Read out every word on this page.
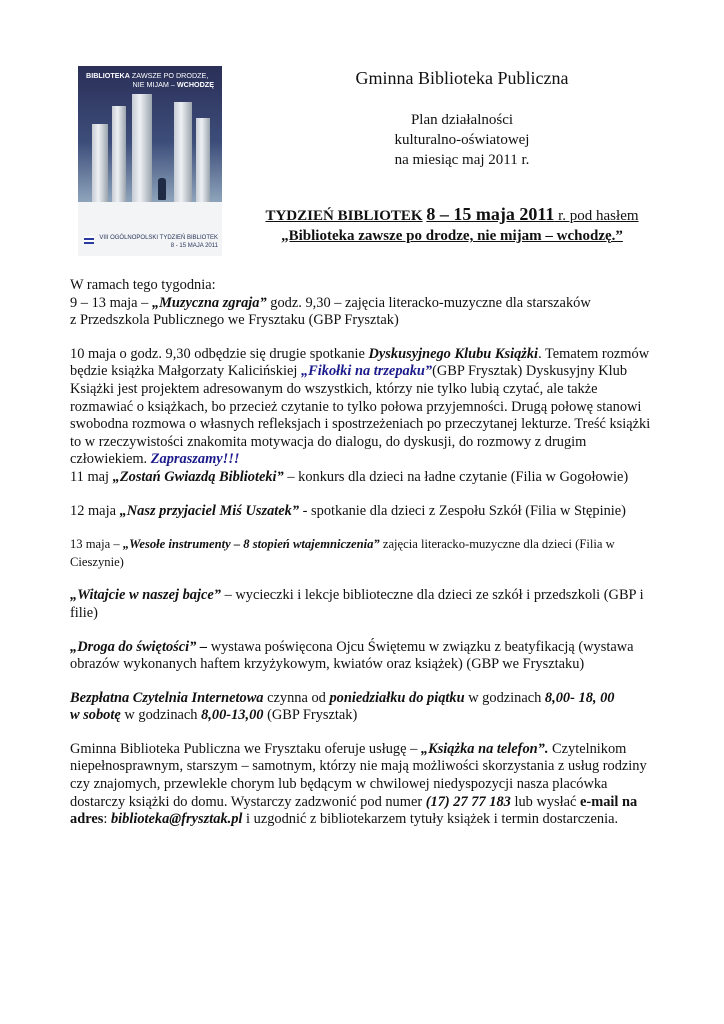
BIBLIOTEKA ZAWSZE PO DRODZE,
NIE MIJAM – WCHODZĘ
VIII OGÓLNOPOLSKI TYDZIEŃ BIBLIOTEK
8 - 15 MAJA 2011
Gminna Biblioteka Publiczna
Plan działalności
kulturalno-oświatowej
na miesiąc maj 2011 r.
TYDZIEŃ BIBLIOTEK 8 – 15 maja 2011 r. pod hasłem
„Biblioteka zawsze po drodze, nie mijam – wchodzę.”

W ramach tego tygodnia:

9 – 13 maja – „Muzyczna zgraja” godz. 9,30 – zajęcia literacko-muzyczne dla starszaków
z Przedszkola Publicznego we Frysztaku (GBP Frysztak)

10 maja o godz. 9,30 odbędzie się drugie spotkanie Dyskusyjnego Klubu Książki. Tematem rozmów będzie książka Małgorzaty Kalicińskiej „Fikołki na trzepaku”(GBP Frysztak) Dyskusyjny Klub Książki jest projektem adresowanym do wszystkich, którzy nie tylko lubią czytać, ale także rozmawiać o książkach, bo przecież czytanie to tylko połowa przyjemności. Drugą połowę stanowi swobodna rozmowa o własnych refleksjach i spostrzeżeniach po przeczytanej lekturze. Treść książki to w rzeczywistości znakomita motywacja do dialogu, do dyskusji, do rozmowy z drugim człowiekiem. Zapraszamy!!!

11 maj „Zostań Gwiazdą Biblioteki” – konkurs dla dzieci na ładne czytanie (Filia w Gogołowie)

12 maja „Nasz przyjaciel Miś Uszatek” - spotkanie dla dzieci z Zespołu Szkół (Filia w Stępinie)

13 maja – „Wesołe instrumenty – 8 stopień wtajemniczenia” zajęcia literacko-muzyczne dla dzieci (Filia w Cieszynie)

„Witajcie w naszej bajce” – wycieczki i lekcje biblioteczne dla dzieci ze szkół i przedszkoli (GBP i filie)

„Droga do świętości” – wystawa poświęcona Ojcu Świętemu w związku z beatyfikacją (wystawa obrazów wykonanych haftem krzyżykowym, kwiatów oraz książek) (GBP we Frysztaku)

Bezpłatna Czytelnia Internetowa czynna od poniedziałku do piątku w godzinach 8,00- 18, 00
w sobotę w godzinach 8,00-13,00 (GBP Frysztak)

Gminna Biblioteka Publiczna we Frysztaku oferuje usługę – „Książka na telefon”. Czytelnikom niepełnosprawnym, starszym – samotnym, którzy nie mają możliwości skorzystania z usług rodziny czy znajomych, przewlekle chorym lub będącym w chwilowej niedyspozycji nasza placówka dostarczy książki do domu. Wystarczy zadzwonić pod numer (17) 27 77 183 lub wysłać e-mail na adres: biblioteka@frysztak.pl i uzgodnić z bibliotekarzem tytuły książek i termin dostarczenia.
